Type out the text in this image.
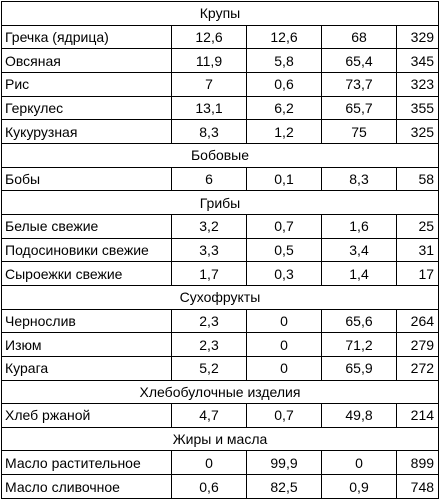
Крупы				
Гречка (ядрица)	12,6	12,6	68	329
Овсяная	11,9	5,8	65,4	345
Рис	7	0,6	73,7	323
Геркулес	13,1	6,2	65,7	355
Кукурузная	8,3	1,2	75	325
Бобовые				
Бобы	6	0,1	8,3	58
Грибы				
Белые свежие	3,2	0,7	1,6	25
Подосиновики свежие	3,3	0,5	3,4	31
Сыроежки свежие	1,7	0,3	1,4	17
Сухофрукты				
Чернослив	2,3	0	65,6	264
Изюм	2,3	0	71,2	279
Курага	5,2	0	65,9	272
Хлебобулочные изделия				
Хлеб ржаной	4,7	0,7	49,8	214
Жиры и масла				
Масло растительное	0	99,9	0	899
Масло сливочное	0,6	82,5	0,9	748
